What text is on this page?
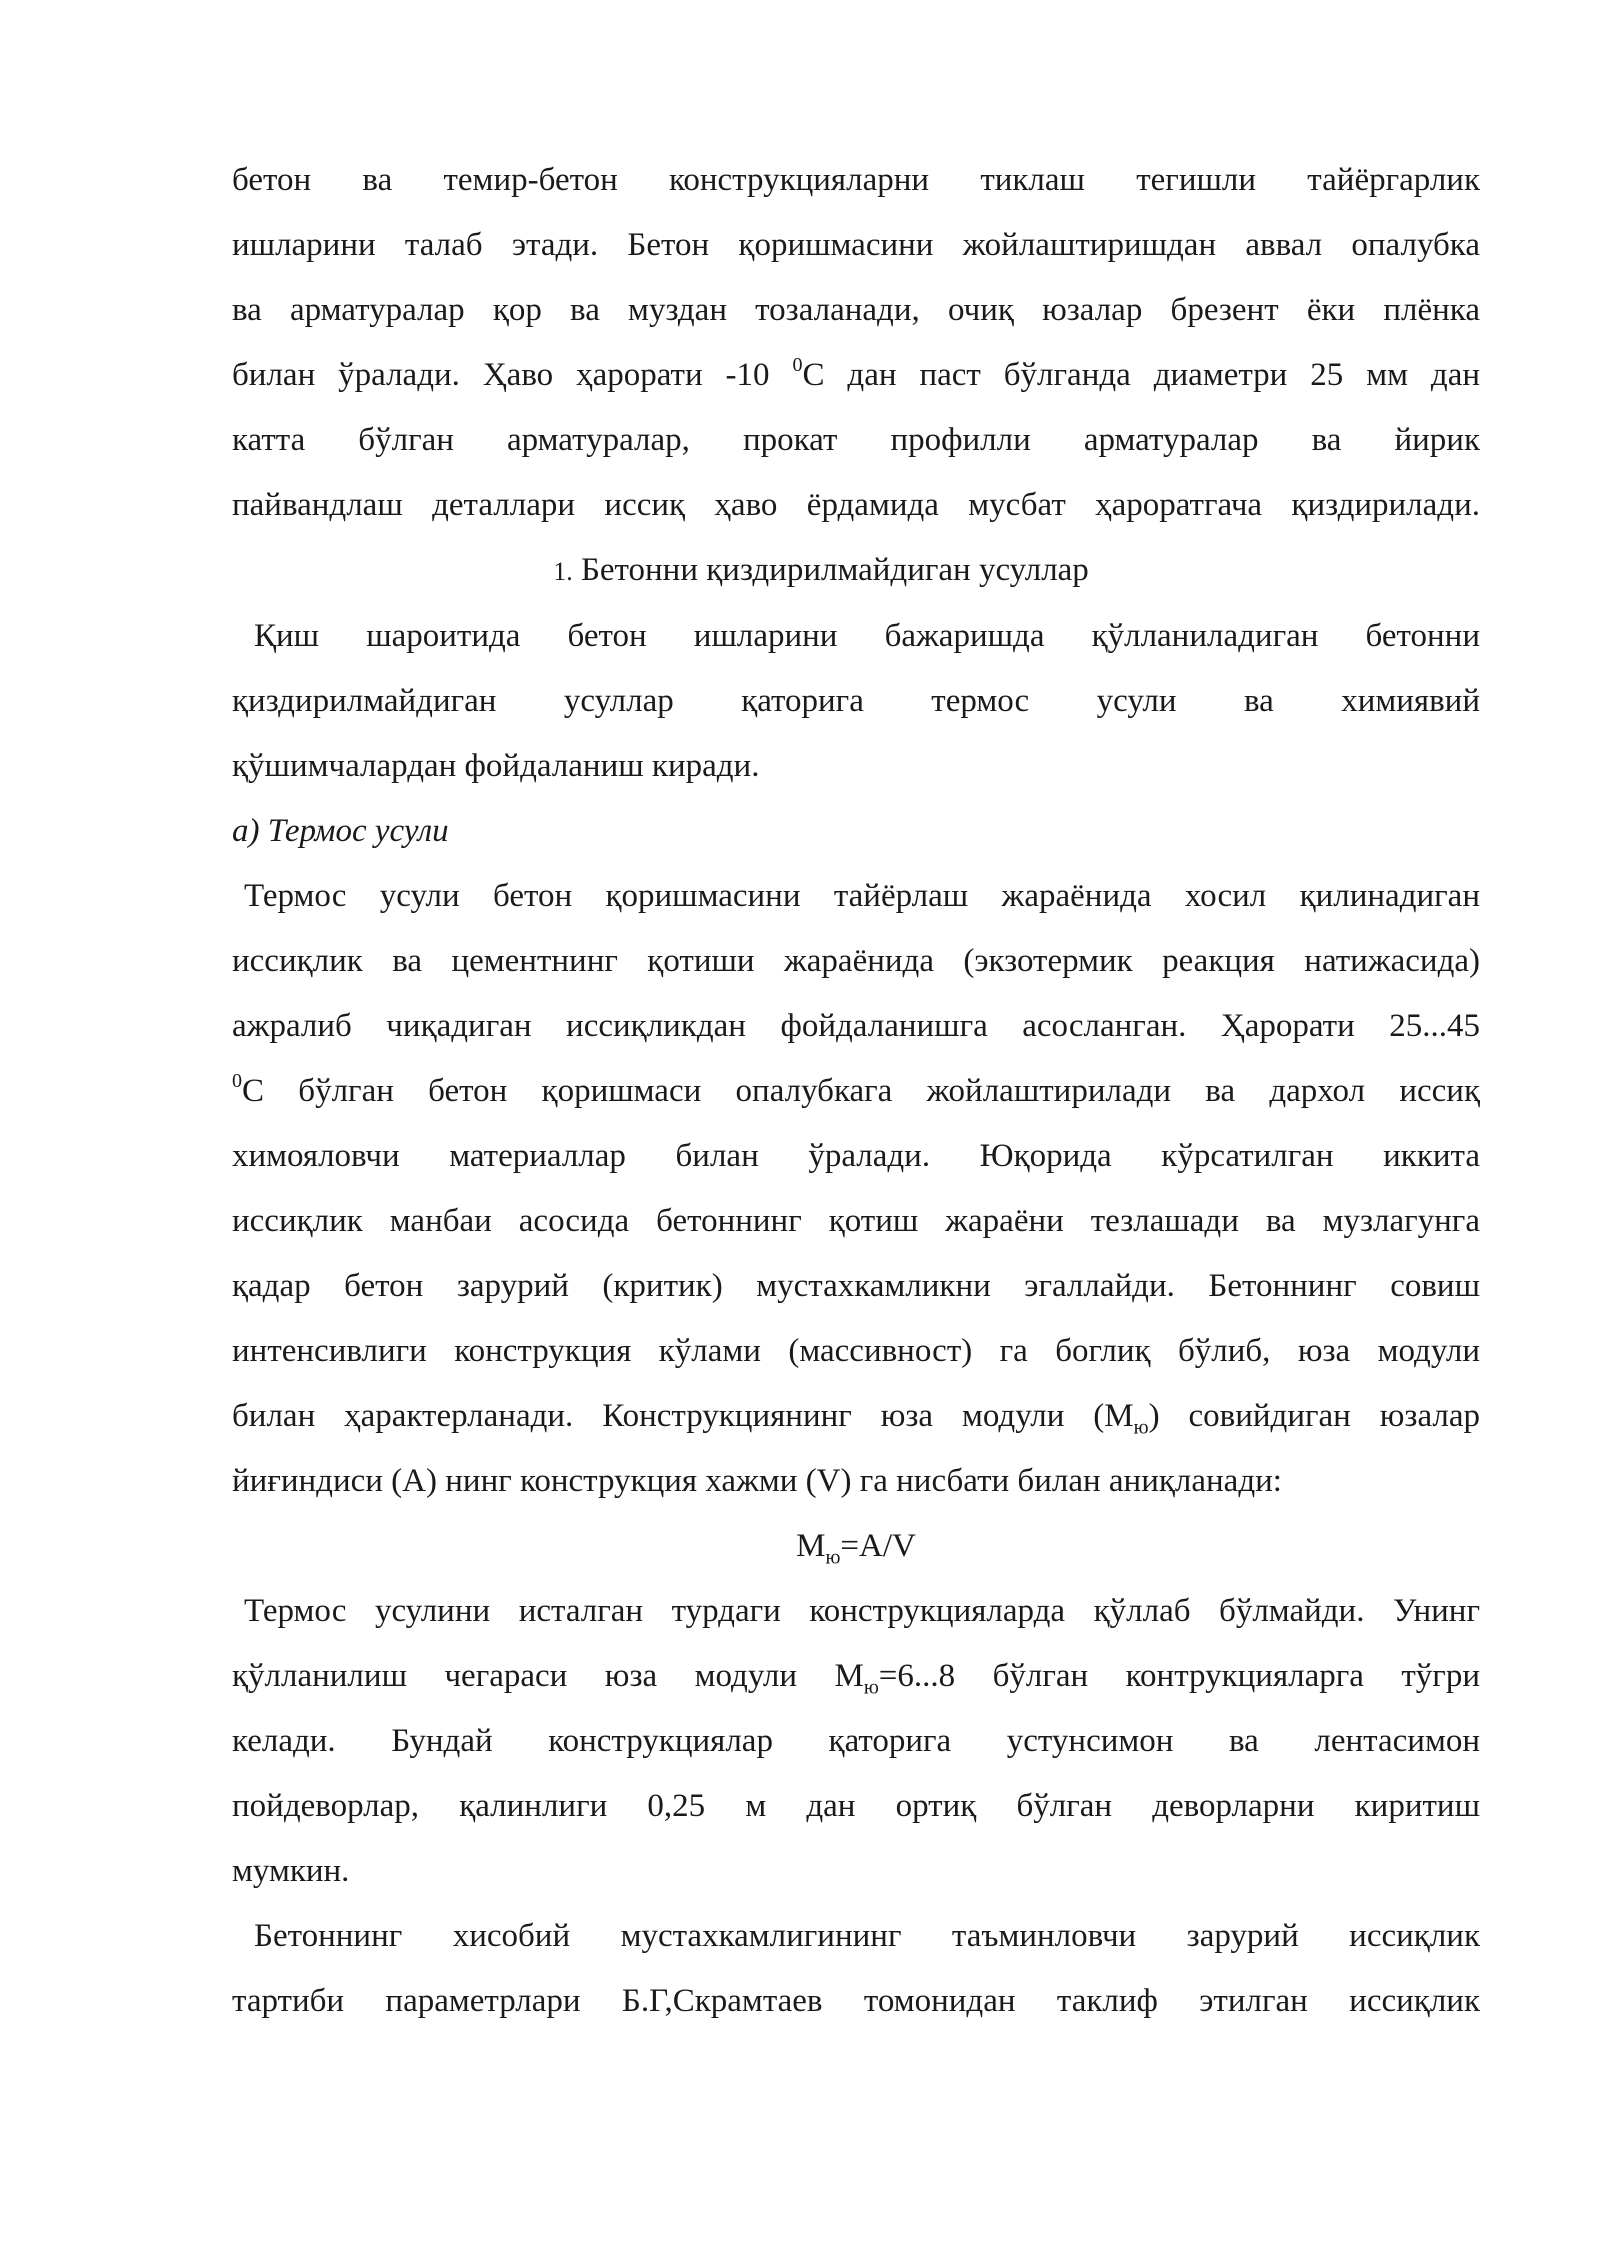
бетон ва темир-бетон конструкцияларни тиклаш тегишли тайёргарлик

ишларини талаб этади. Бетон қоришмасини жойлаштиришдан аввал опалубка

ва арматуралар қор ва муздан тозаланади, очиқ юзалар брезент ёки плёнка

билан ўралади. Ҳаво ҳарорати -10 $^0$С дан паст бўлганда диаметри 25 мм дан

катта бўлган арматуралар, прокат профилли арматуралар ва йирик

пайвандлаш деталлари иссиқ ҳаво ёрдамида мусбат ҳароратгача қиздирилади.

1. Бетонни қиздирилмайдиган усуллар

Қиш шароитида бетон ишларини бажаришда қўлланиладиган бетонни

қиздирилмайдиган усуллар қаторига термос усули ва химиявий

қўшимчалардан фойдаланиш киради.

а) Термос усули

Термос усули бетон қоришмасини тайёрлаш жараёнида хосил қилинадиган

иссиқлик ва цементнинг қотиши жараёнида (экзотермик реакция натижасида)

ажралиб чиқадиган иссиқликдан фойдаланишга асосланган. Ҳарорати 25...45

$^0$С бўлган бетон қоришмаси опалубкага жойлаштирилади ва дархол иссиқ

химояловчи материаллар билан ўралади. Юқорида кўрсатилган иккита

иссиқлик манбаи асосида бетоннинг қотиш жараёни тезлашади ва музлагунга

қадар бетон зарурий (критик) мустахкамликни эгаллайди. Бетоннинг совиш

интенсивлиги конструкция кўлами (массивност) га боглиқ бўлиб, юза модули

билан ҳарактерланади. Конструкциянинг юза модули $(М_ю)$ совийдиган юзалар

йиғиндиси (А) нинг конструкция хажми (V) га нисбати билан аниқланади:

$М_ю=A/V$

Термос усулини исталган турдаги конструкцияларда қўллаб бўлмайди. Унинг

қўлланилиш чегараси юза модули $М_ю=6...8$ бўлган контрукцияларга тўгри

келади. Бундай конструкциялар қаторига устунсимон ва лентасимон

пойдеворлар, қалинлиги 0,25 м дан ортиқ бўлган деворларни киритиш

мумкин.

Бетоннинг хисобий мустахкамлигининг таъминловчи зарурий иссиқлик

тартиби параметрлари Б.Г,Скрамтаев томонидан таклиф этилган иссиқлик
